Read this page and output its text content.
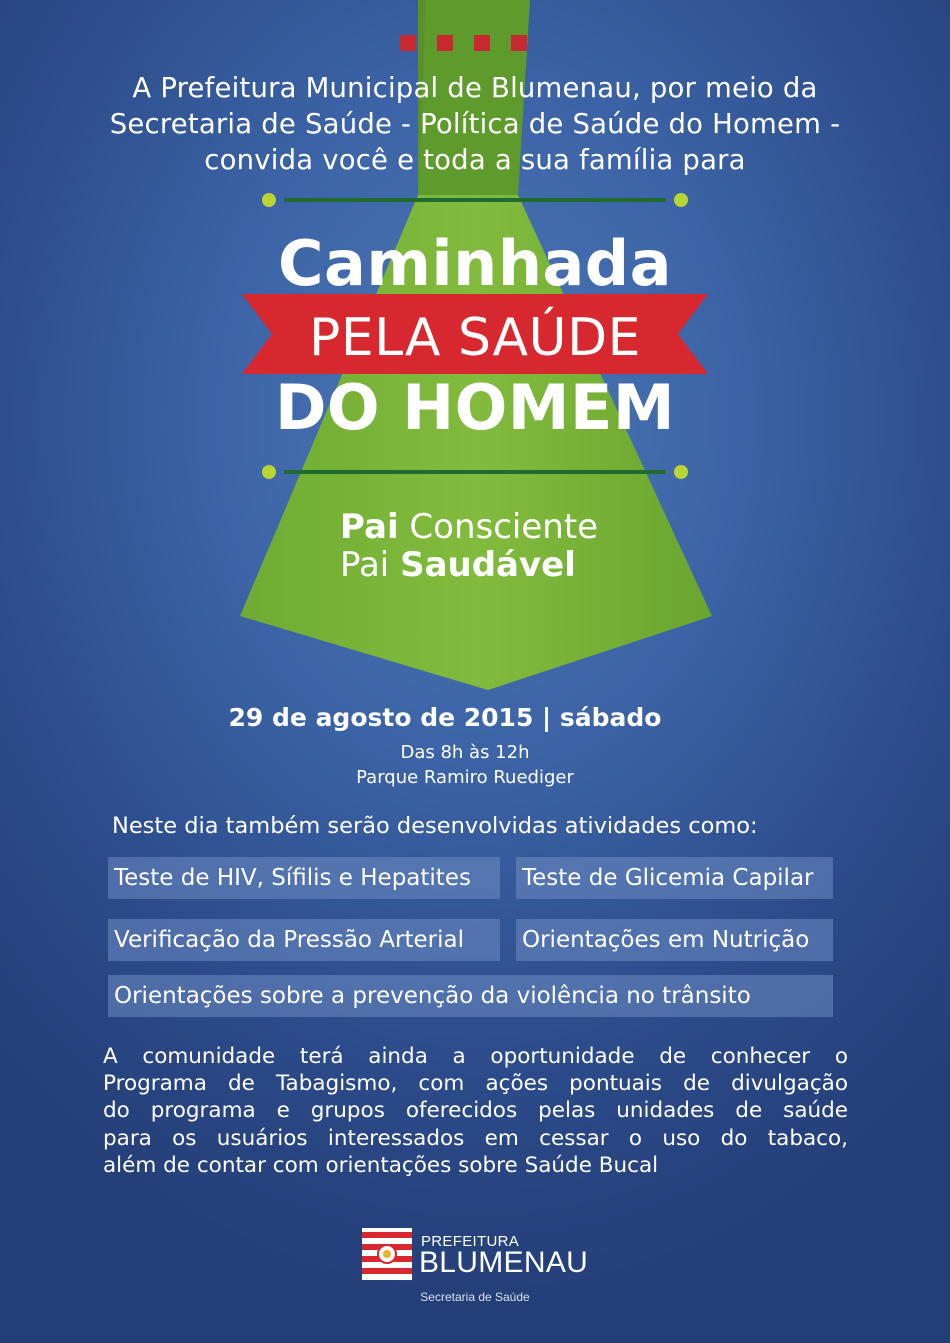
A Prefeitura Municipal de Blumenau, por meio da
Secretaria de Saúde - Política de Saúde do Homem -
convida você e toda a sua família para
Caminhada
PELA SAÚDE
DO HOMEM
Pai Consciente
Pai Saudável
29 de agosto de 2015 | sábado
Das 8h às 12h
Parque Ramiro Ruediger
Neste dia também serão desenvolvidas atividades como:
Teste de HIV, Sífilis e Hepatites	Teste de Glicemia Capilar
Verificação da Pressão Arterial	Orientações em Nutrição
Orientações sobre a prevenção da violência no trânsito
A comunidade terá ainda a oportunidade de conhecer o
Programa de Tabagismo, com ações pontuais de divulgação
do programa e grupos oferecidos pelas unidades de saúde
para os usuários interessados em cessar o uso do tabaco,
além de contar com orientações sobre Saúde Bucal
PREFEITURA
BLUMENAU
Secretaria de Saúde
